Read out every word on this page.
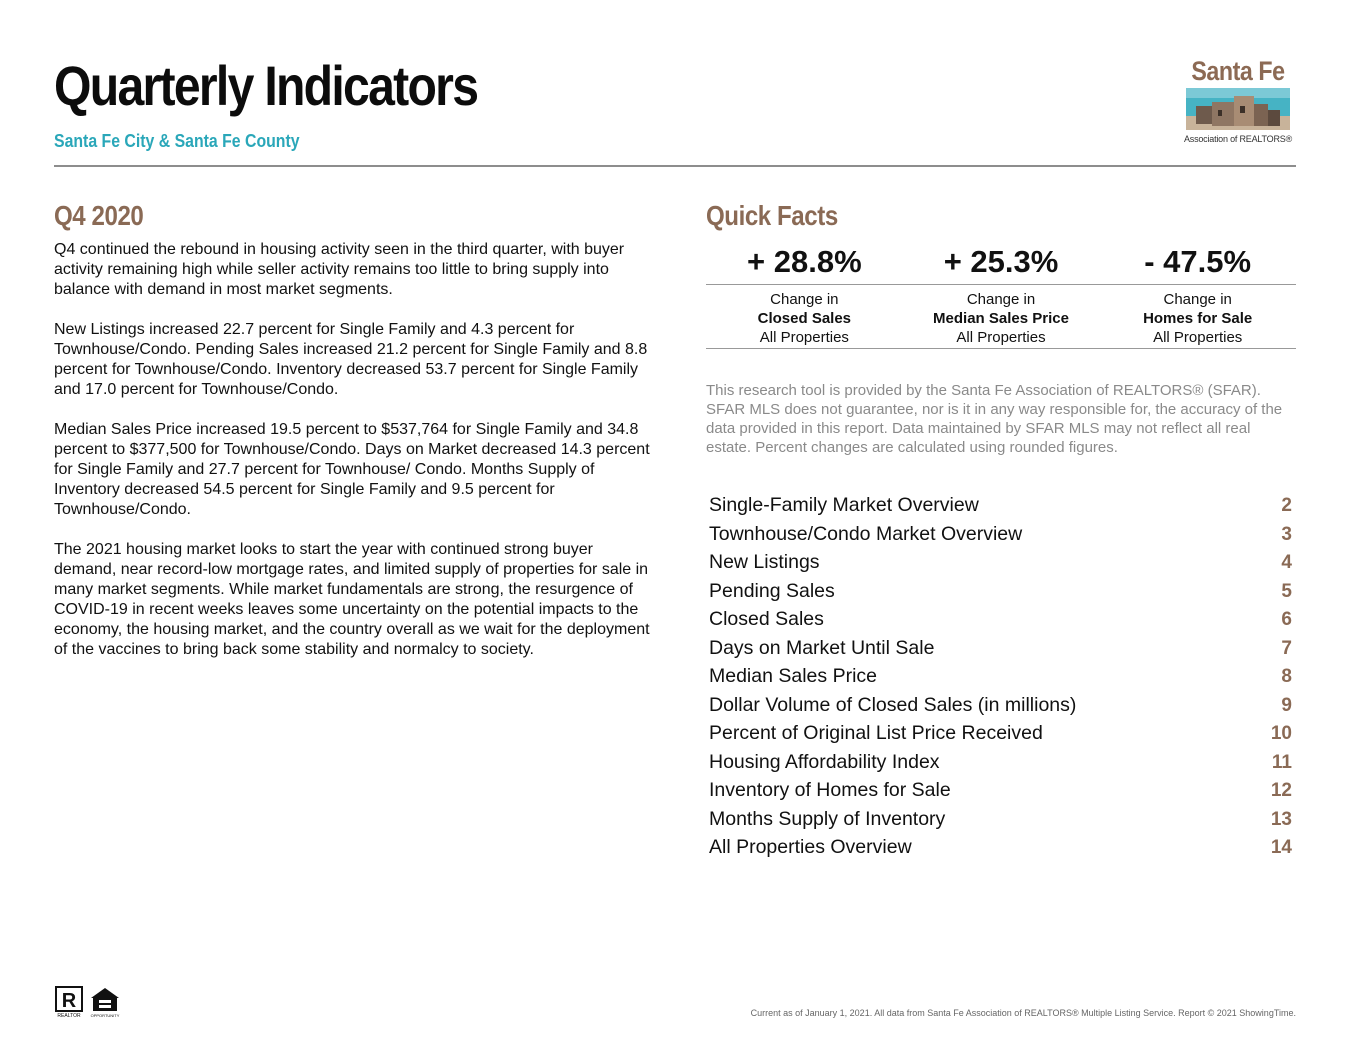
Quarterly Indicators
Santa Fe City & Santa Fe County
Santa Fe
Association of REALTORS®
Q4 2020

Q4 continued the rebound in housing activity seen in the third quarter, with buyer activity remaining high while seller activity remains too little to bring supply into balance with demand in most market segments.

New Listings increased 22.7 percent for Single Family and 4.3 percent for Townhouse/Condo. Pending Sales increased 21.2 percent for Single Family and 8.8 percent for Townhouse/Condo. Inventory decreased 53.7 percent for Single Family and 17.0 percent for Townhouse/Condo.

Median Sales Price increased 19.5 percent to $537,764 for Single Family and 34.8 percent to $377,500 for Townhouse/Condo. Days on Market decreased 14.3 percent for Single Family and 27.7 percent for Townhouse/ Condo. Months Supply of Inventory decreased 54.5 percent for Single Family and 9.5 percent for Townhouse/Condo.

The 2021 housing market looks to start the year with continued strong buyer demand, near record-low mortgage rates, and limited supply of properties for sale in many market segments. While market fundamentals are strong, the resurgence of COVID-19 in recent weeks leaves some uncertainty on the potential impacts to the economy, the housing market, and the country overall as we wait for the deployment of the vaccines to bring back some stability and normalcy to society.

Quick Facts
+ 28.8%	+ 25.3%	- 47.5%
Change in
Closed Sales
All Properties
Change in
Median Sales Price
All Properties
Change in
Homes for Sale
All Properties
This research tool is provided by the Santa Fe Association of REALTORS® (SFAR). SFAR MLS does not guarantee, nor is it in any way responsible for, the accuracy of the data provided in this report. Data maintained by SFAR MLS may not reflect all real estate. Percent changes are calculated using rounded figures.
Single-Family Market Overview	2
Townhouse/Condo Market Overview	3
New Listings	4
Pending Sales	5
Closed Sales	6
Days on Market Until Sale	7
Median Sales Price	8
Dollar Volume of Closed Sales (in millions)	9
Percent of Original List Price Received	10
Housing Affordability Index	11
Inventory of Homes for Sale	12
Months Supply of Inventory	13
All Properties Overview	14
R
REALTOR	OPPORTUNITY	Current as of January 1, 2021. All data from Santa Fe Association of REALTORS® Multiple Listing Service. Report © 2021 ShowingTime.
